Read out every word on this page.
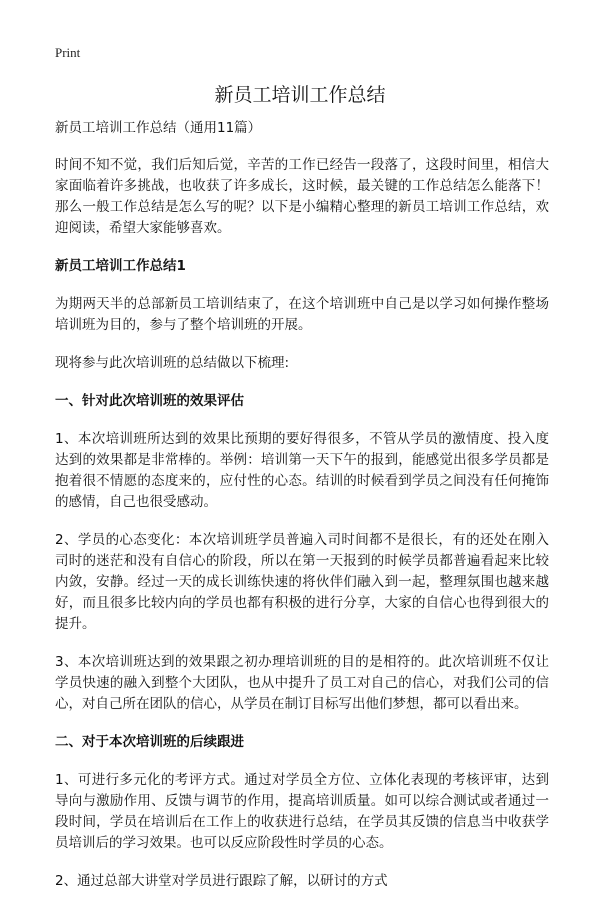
Print
新员工培训工作总结

新员工培训工作总结（通用11篇）

时间不知不觉，我们后知后觉，辛苦的工作已经告一段落了，这段时间里，相信大家面临着许多挑战，也收获了许多成长，这时候，最关键的工作总结怎么能落下！那么一般工作总结是怎么写的呢？以下是小编精心整理的新员工培训工作总结，欢迎阅读，希望大家能够喜欢。

新员工培训工作总结1

为期两天半的总部新员工培训结束了，在这个培训班中自己是以学习如何操作整场培训班为目的，参与了整个培训班的开展。

现将参与此次培训班的总结做以下梳理:

一、针对此次培训班的效果评估

1、本次培训班所达到的效果比预期的要好得很多，不管从学员的激情度、投入度达到的效果都是非常棒的。举例：培训第一天下午的报到，能感觉出很多学员都是抱着很不情愿的态度来的，应付性的心态。结训的时候看到学员之间没有任何掩饰的感情，自己也很受感动。

2、学员的心态变化：本次培训班学员普遍入司时间都不是很长，有的还处在刚入司时的迷茫和没有自信心的阶段，所以在第一天报到的时候学员都普遍看起来比较内敛，安静。经过一天的成长训练快速的将伙伴们融入到一起，整理氛围也越来越好，而且很多比较内向的学员也都有积极的进行分享，大家的自信心也得到很大的提升。

3、本次培训班达到的效果跟之初办理培训班的目的是相符的。此次培训班不仅让学员快速的融入到整个大团队，也从中提升了员工对自己的信心，对我们公司的信心，对自己所在团队的信心，从学员在制订目标写出他们梦想，都可以看出来。

二、对于本次培训班的后续跟进

1、可进行多元化的考评方式。通过对学员全方位、立体化表现的考核评审，达到导向与激励作用、反馈与调节的作用，提高培训质量。如可以综合测试或者通过一段时间，学员在培训后在工作上的收获进行总结，在学员其反馈的信息当中收获学员培训后的学习效果。也可以反应阶段性时学员的心态。

2、通过总部大讲堂对学员进行跟踪了解，以研讨的方式
